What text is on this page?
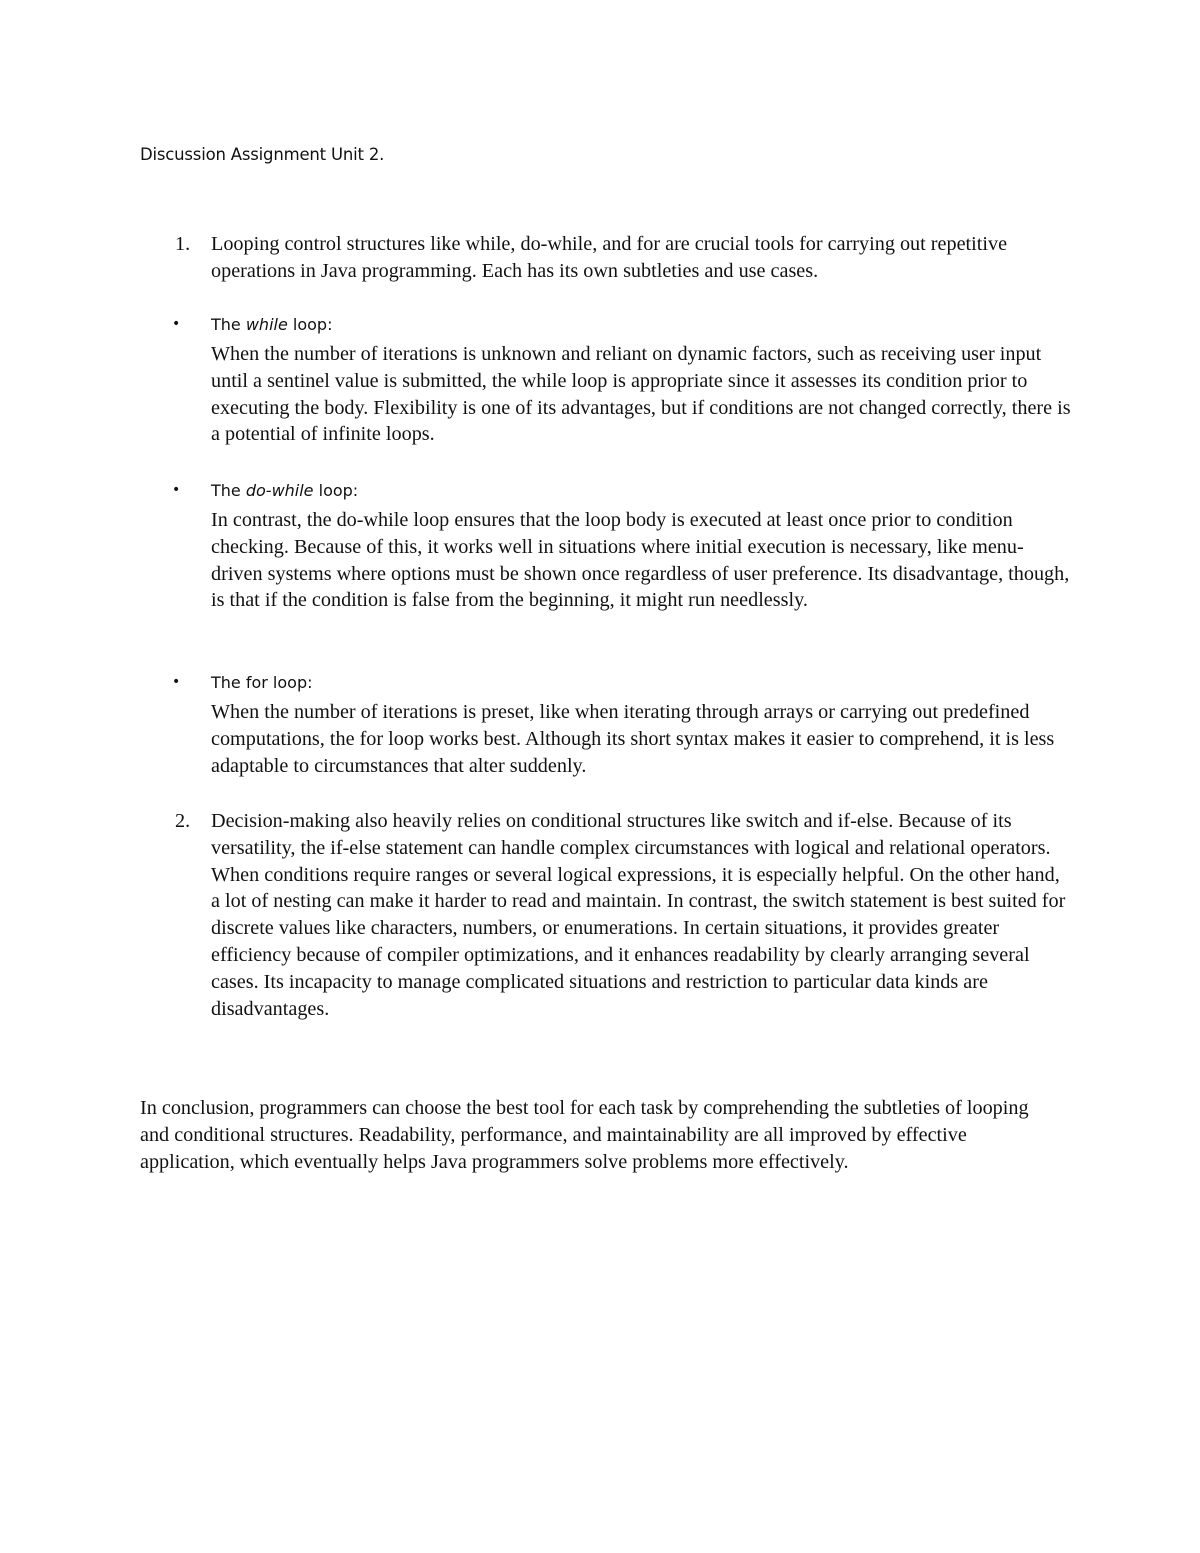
Discussion Assignment Unit 2.
1. Looping control structures like while, do-while, and for are crucial tools for carrying out repetitive operations in Java programming. Each has its own subtleties and use cases.

• The while loop:

When the number of iterations is unknown and reliant on dynamic factors, such as receiving user input until a sentinel value is submitted, the while loop is appropriate since it assesses its condition prior to executing the body. Flexibility is one of its advantages, but if conditions are not changed correctly, there is a potential of infinite loops.

• The do-while loop:

In contrast, the do-while loop ensures that the loop body is executed at least once prior to condition checking. Because of this, it works well in situations where initial execution is necessary, like menu-driven systems where options must be shown once regardless of user preference. Its disadvantage, though, is that if the condition is false from the beginning, it might run needlessly.

• The for loop:

When the number of iterations is preset, like when iterating through arrays or carrying out predefined computations, the for loop works best. Although its short syntax makes it easier to comprehend, it is less adaptable to circumstances that alter suddenly.

2. Decision-making also heavily relies on conditional structures like switch and if-else. Because of its versatility, the if-else statement can handle complex circumstances with logical and relational operators. When conditions require ranges or several logical expressions, it is especially helpful. On the other hand, a lot of nesting can make it harder to read and maintain. In contrast, the switch statement is best suited for discrete values like characters, numbers, or enumerations. In certain situations, it provides greater efficiency because of compiler optimizations, and it enhances readability by clearly arranging several cases. Its incapacity to manage complicated situations and restriction to particular data kinds are disadvantages.

In conclusion, programmers can choose the best tool for each task by comprehending the subtleties of looping and conditional structures. Readability, performance, and maintainability are all improved by effective application, which eventually helps Java programmers solve problems more effectively.
